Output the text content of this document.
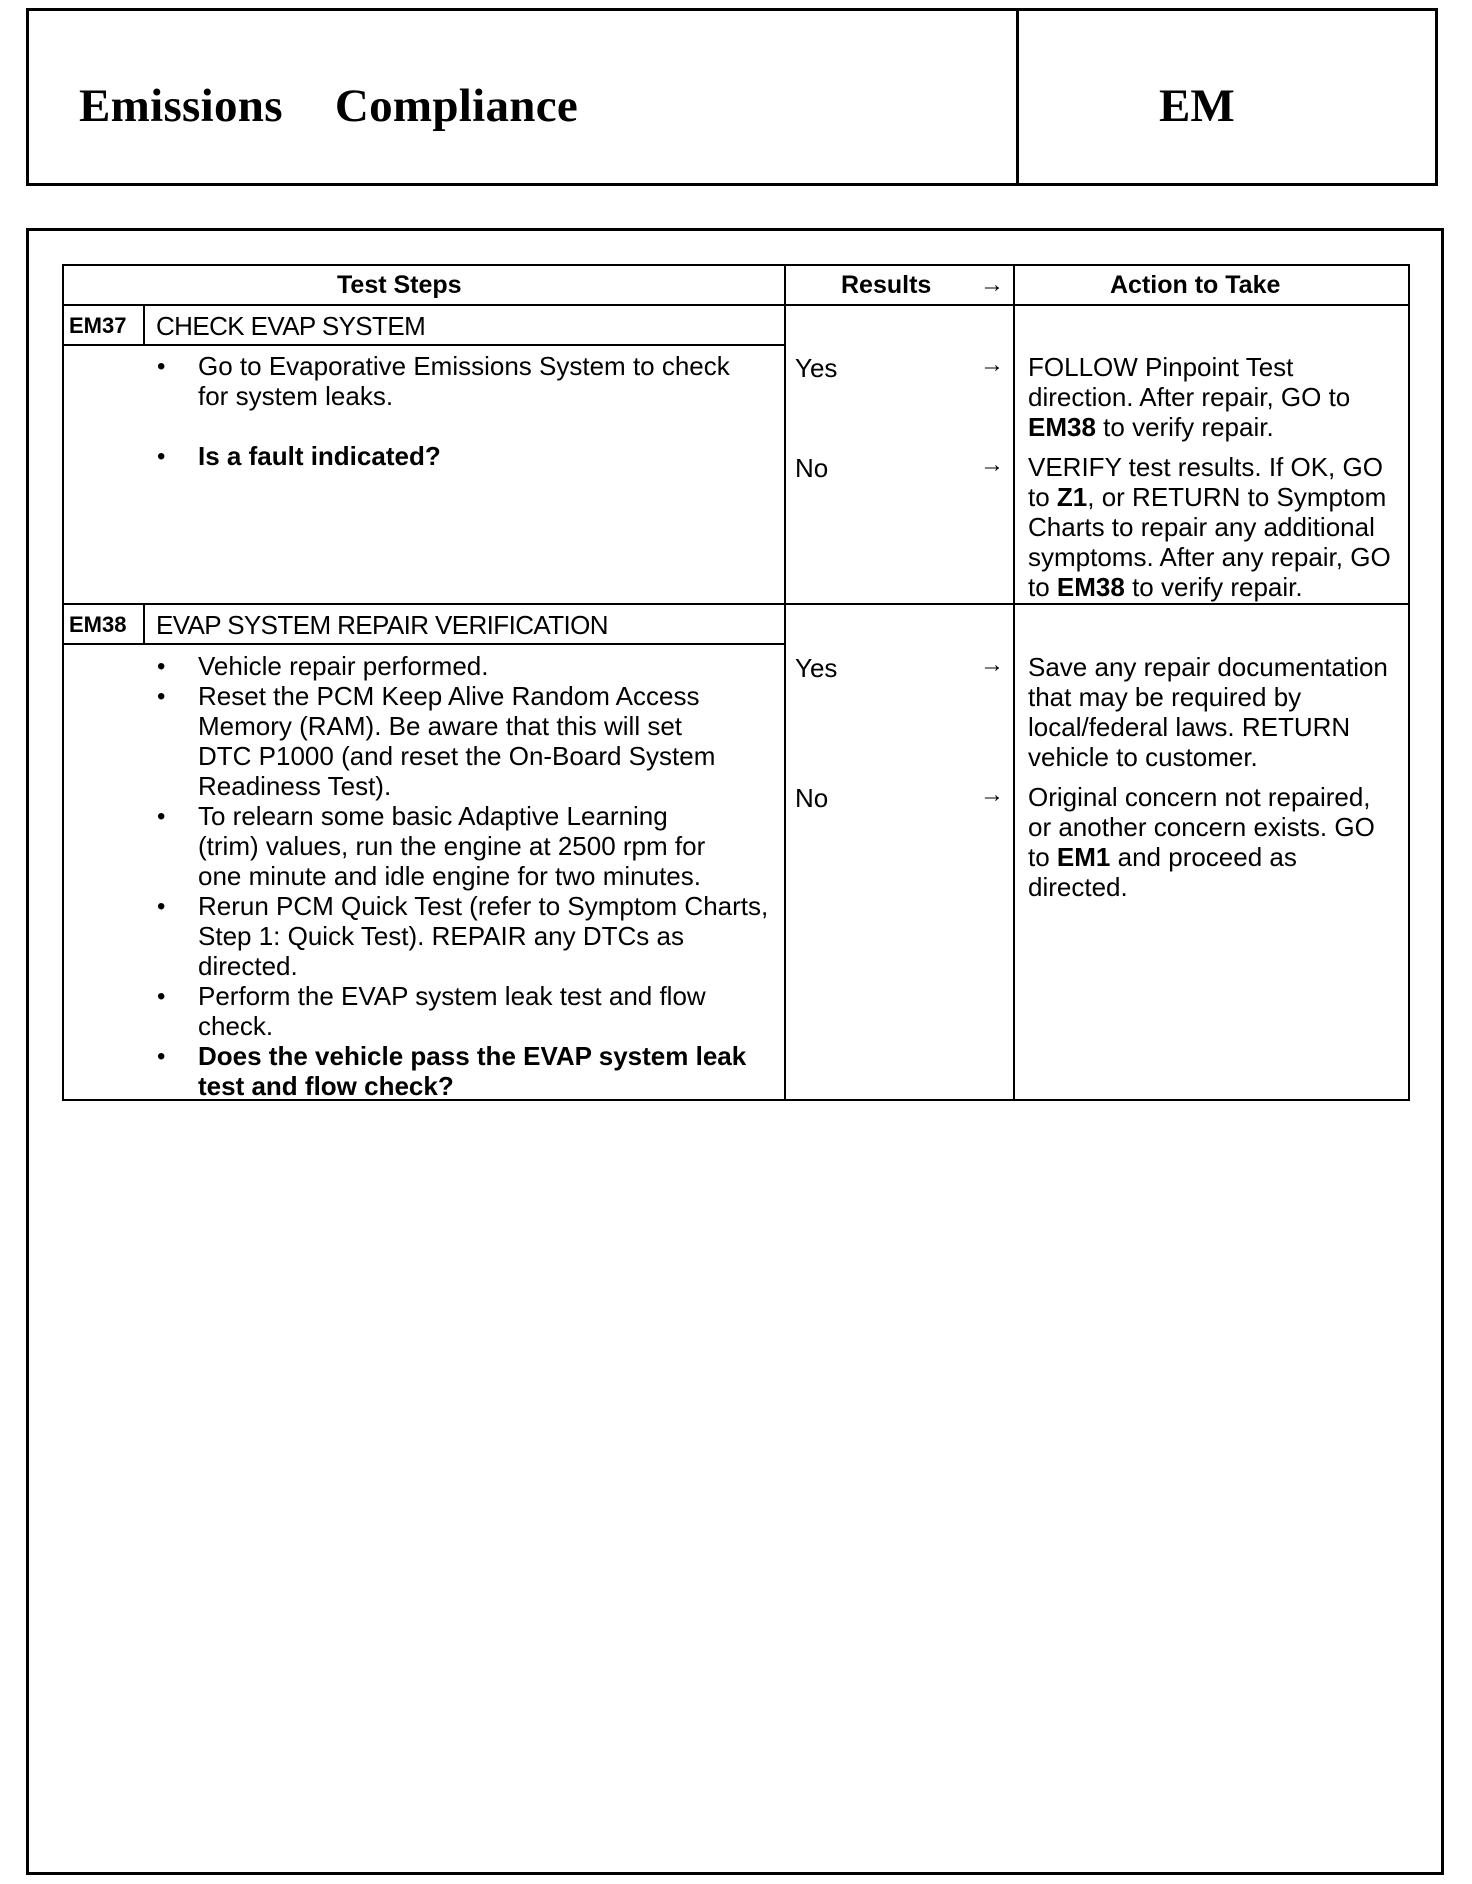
Emissions Compliance	EM
Test Steps	Results →	Action to Take
EM37 CHECK EVAP SYSTEM
• Go to Evaporative Emissions System to check
for system leaks.
• Is a fault indicated?
Yes	→ FOLLOW Pinpoint Test
direction. After repair, GO to
EM38 to verify repair.
No	→ VERIFY test results. If OK, GO
to Z1, or RETURN to Symptom
Charts to repair any additional
symptoms. After any repair, GO
to EM38 to verify repair.
EM38 EVAP SYSTEM REPAIR VERIFICATION
• Vehicle repair performed.
• Reset the PCM Keep Alive Random Access
Memory (RAM). Be aware that this will set
DTC P1000 (and reset the On-Board System
Readiness Test).
• To relearn some basic Adaptive Learning
(trim) values, run the engine at 2500 rpm for
one minute and idle engine for two minutes.
• Rerun PCM Quick Test (refer to Symptom Charts,
Step 1: Quick Test). REPAIR any DTCs as
directed.
• Perform the EVAP system leak test and flow
check.
• Does the vehicle pass the EVAP system leak
test and flow check?
Yes	→ Save any repair documentation
that may be required by
local/federal laws. RETURN
vehicle to customer.
No	→ Original concern not repaired,
or another concern exists. GO
to EM1 and proceed as
directed.
